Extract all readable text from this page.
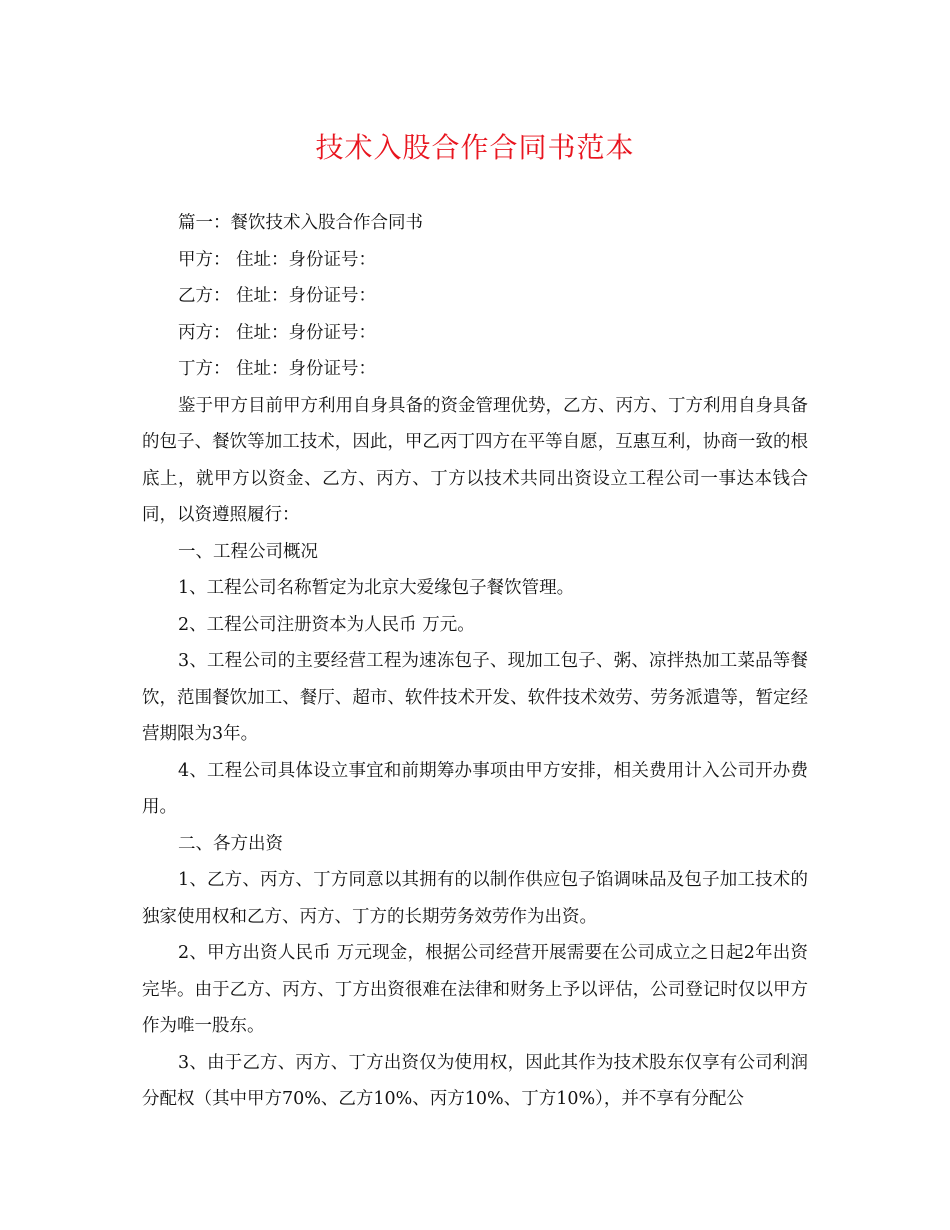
技术入股合作合同书范本

篇一：餐饮技术入股合作合同书

甲方： 住址：身份证号：

乙方： 住址：身份证号：

丙方： 住址：身份证号：

丁方： 住址：身份证号：

鉴于甲方目前甲方利用自身具备的资金管理优势，乙方、丙方、丁方利用自身具备的包子、餐饮等加工技术，因此，甲乙丙丁四方在平等自愿，互惠互利，协商一致的根底上，就甲方以资金、乙方、丙方、丁方以技术共同出资设立工程公司一事达本钱合同，以资遵照履行：

一、工程公司概况

1、工程公司名称暂定为北京大爱缘包子餐饮管理。

2、工程公司注册资本为人民币 万元。

3、工程公司的主要经营工程为速冻包子、现加工包子、粥、凉拌热加工菜品等餐饮，范围餐饮加工、餐厅、超市、软件技术开发、软件技术效劳、劳务派遣等，暂定经营期限为3年。

4、工程公司具体设立事宜和前期筹办事项由甲方安排，相关费用计入公司开办费用。

二、各方出资

1、乙方、丙方、丁方同意以其拥有的以制作供应包子馅调味品及包子加工技术的独家使用权和乙方、丙方、丁方的长期劳务效劳作为出资。

2、甲方出资人民币 万元现金，根据公司经营开展需要在公司成立之日起2年出资完毕。由于乙方、丙方、丁方出资很难在法律和财务上予以评估，公司登记时仅以甲方作为唯一股东。

3、由于乙方、丙方、丁方出资仅为使用权，因此其作为技术股东仅享有公司利润分配权（其中甲方70%、乙方10%、丙方10%、丁方10%），并不享有分配公
